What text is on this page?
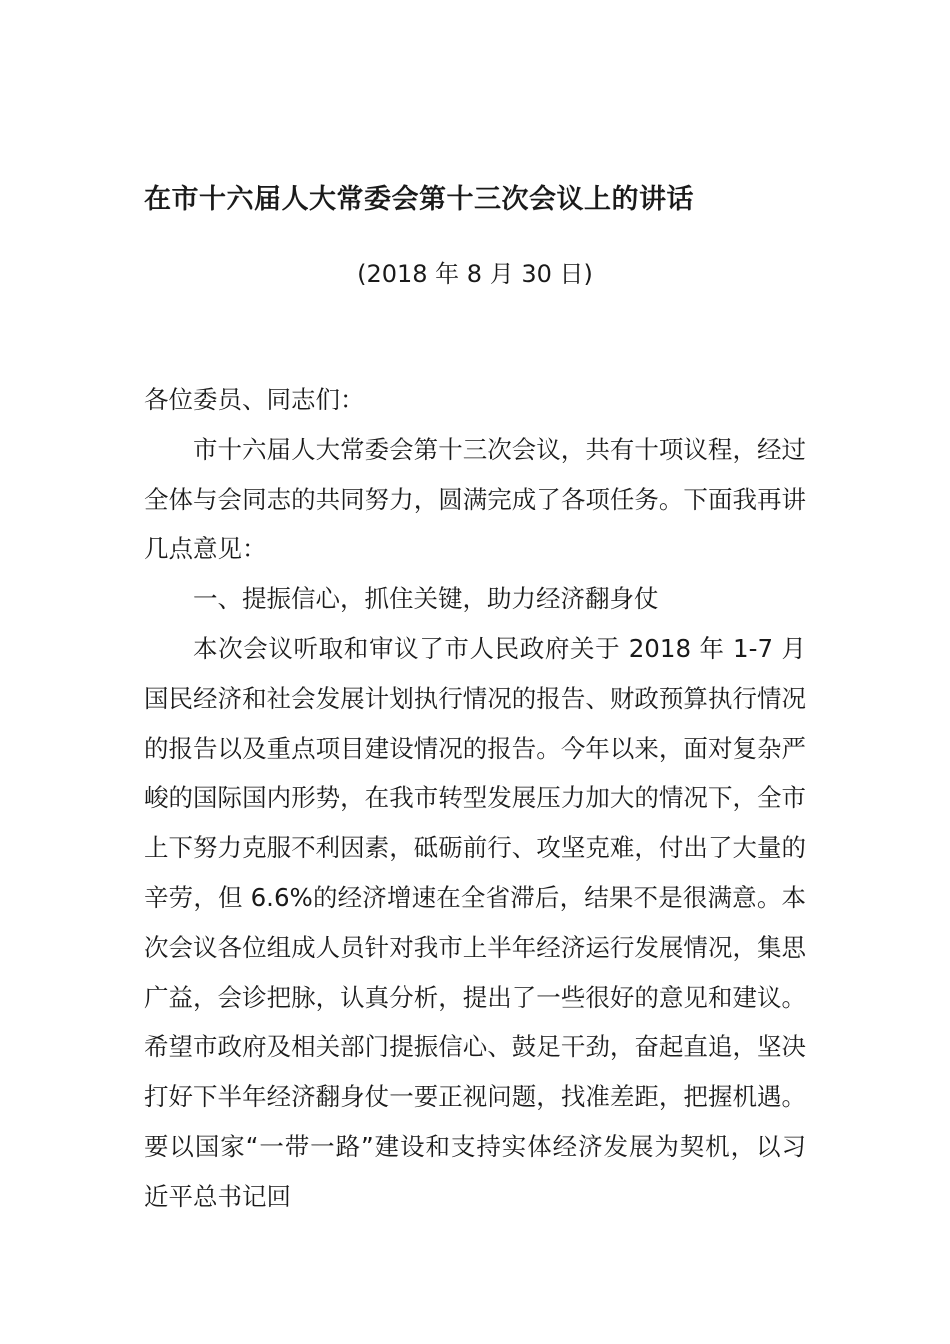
在市十六届人大常委会第十三次会议上的讲话

(2018 年 8 月 30 日)

各位委员、同志们：

市十六届人大常委会第十三次会议，共有十项议程，经过全体与会同志的共同努力，圆满完成了各项任务。下面我再讲几点意见：

一、提振信心，抓住关键，助力经济翻身仗

本次会议听取和审议了市人民政府关于 2018 年 1-7 月国民经济和社会发展计划执行情况的报告、财政预算执行情况的报告以及重点项目建设情况的报告。今年以来，面对复杂严峻的国际国内形势，在我市转型发展压力加大的情况下，全市上下努力克服不利因素，砥砺前行、攻坚克难，付出了大量的辛劳，但 6.6%的经济增速在全省滞后，结果不是很满意。本次会议各位组成人员针对我市上半年经济运行发展情况，集思广益，会诊把脉，认真分析，提出了一些很好的意见和建议。希望市政府及相关部门提振信心、鼓足干劲，奋起直追，坚决打好下半年经济翻身仗一要正视问题，找准差距，把握机遇。要以国家“一带一路”建设和支持实体经济发展为契机，以习近平总书记回
